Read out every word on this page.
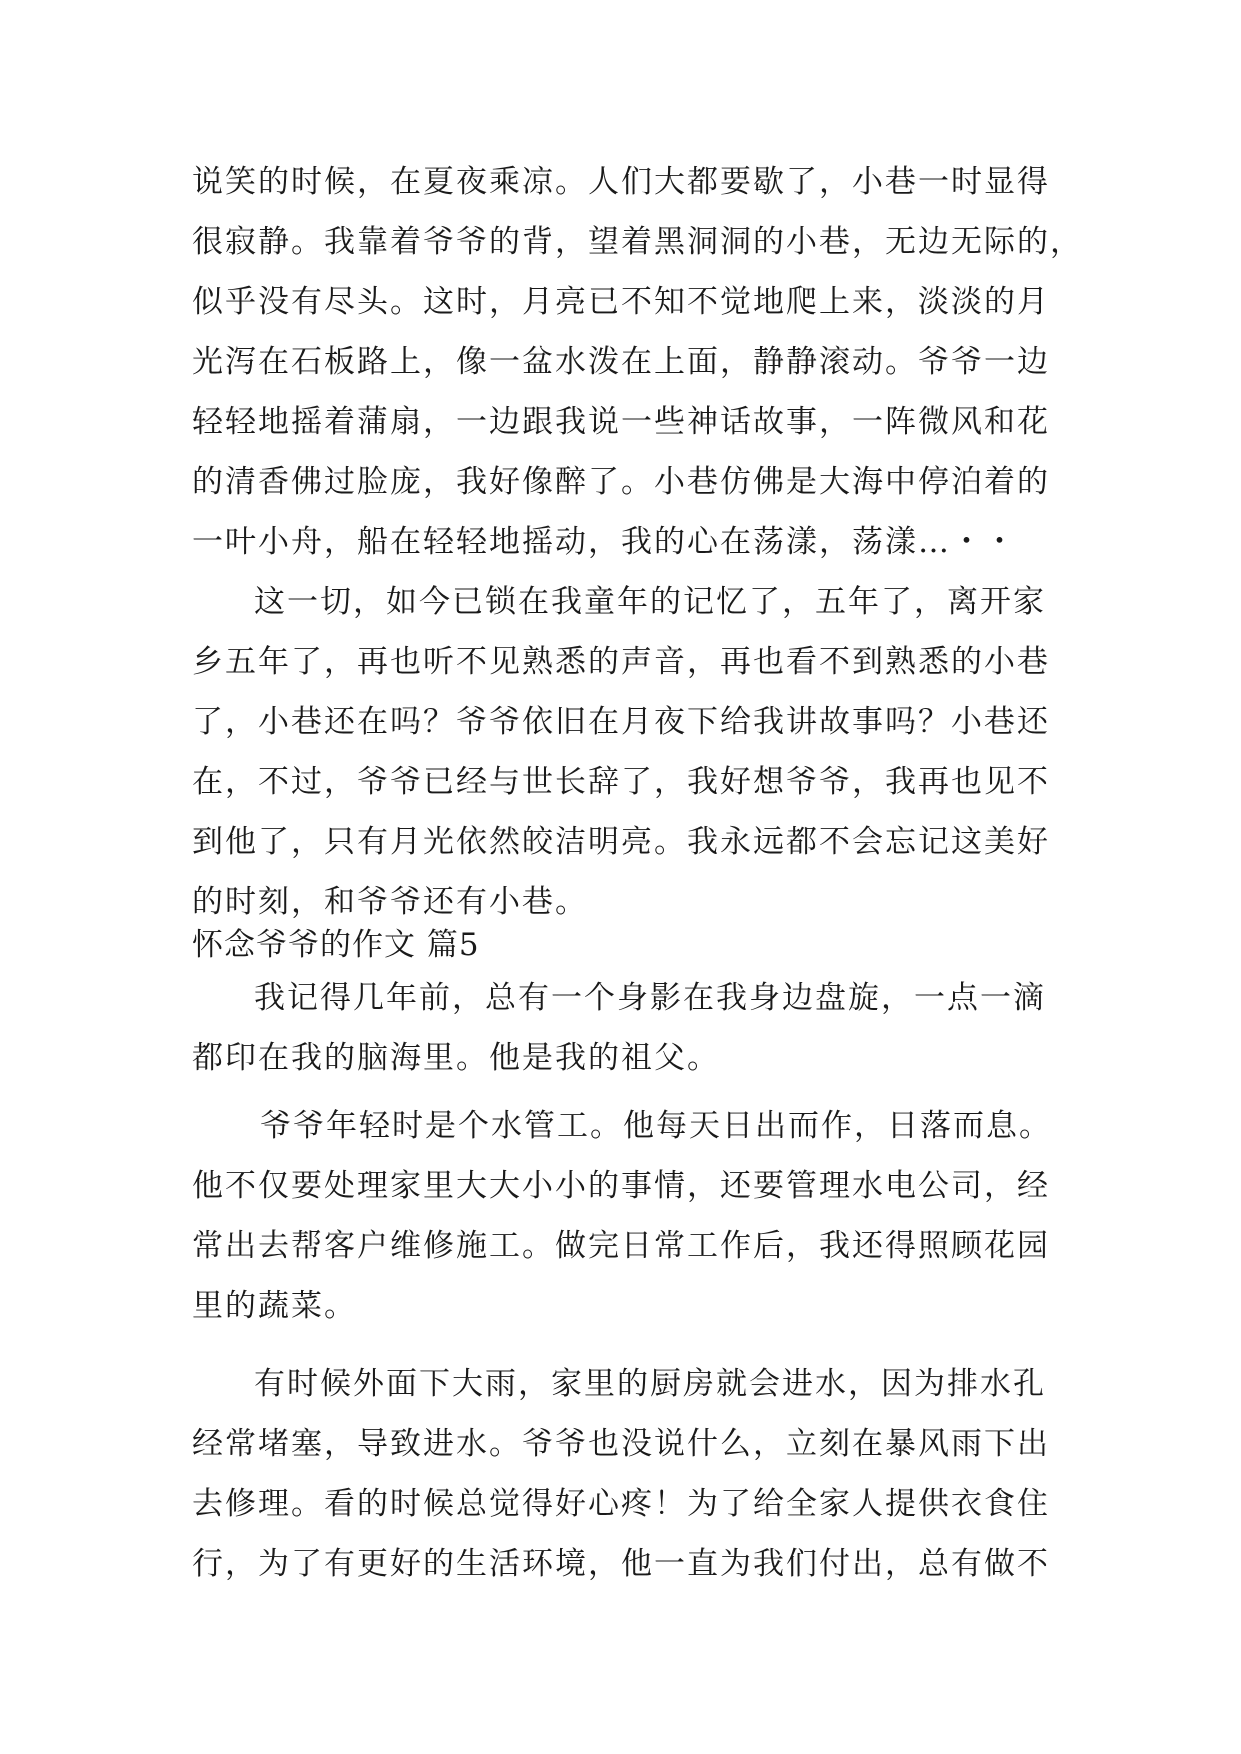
说笑的时候，在夏夜乘凉。人们大都要歇了，小巷一时显得
很寂静。我靠着爷爷的背，望着黑洞洞的小巷，无边无际的，
似乎没有尽头。这时，月亮已不知不觉地爬上来，淡淡的月
光泻在石板路上，像一盆水泼在上面，静静滚动。爷爷一边
轻轻地摇着蒲扇，一边跟我说一些神话故事，一阵微风和花
的清香佛过脸庞，我好像醉了。小巷仿佛是大海中停泊着的
一叶小舟，船在轻轻地摇动，我的心在荡漾，荡漾…・・
这一切，如今已锁在我童年的记忆了，五年了，离开家
乡五年了，再也听不见熟悉的声音，再也看不到熟悉的小巷
了，小巷还在吗？爷爷依旧在月夜下给我讲故事吗？小巷还
在，不过，爷爷已经与世长辞了，我好想爷爷，我再也见不
到他了，只有月光依然皎洁明亮。我永远都不会忘记这美好
的时刻，和爷爷还有小巷。
怀念爷爷的作文 篇5
我记得几年前，总有一个身影在我身边盘旋，一点一滴
都印在我的脑海里。他是我的祖父。
爷爷年轻时是个水管工。他每天日出而作，日落而息。
他不仅要处理家里大大小小的事情，还要管理水电公司，经
常出去帮客户维修施工。做完日常工作后，我还得照顾花园
里的蔬菜。
有时候外面下大雨，家里的厨房就会进水，因为排水孔
经常堵塞，导致进水。爷爷也没说什么，立刻在暴风雨下出
去修理。看的时候总觉得好心疼！为了给全家人提供衣食住
行，为了有更好的生活环境，他一直为我们付出，总有做不
